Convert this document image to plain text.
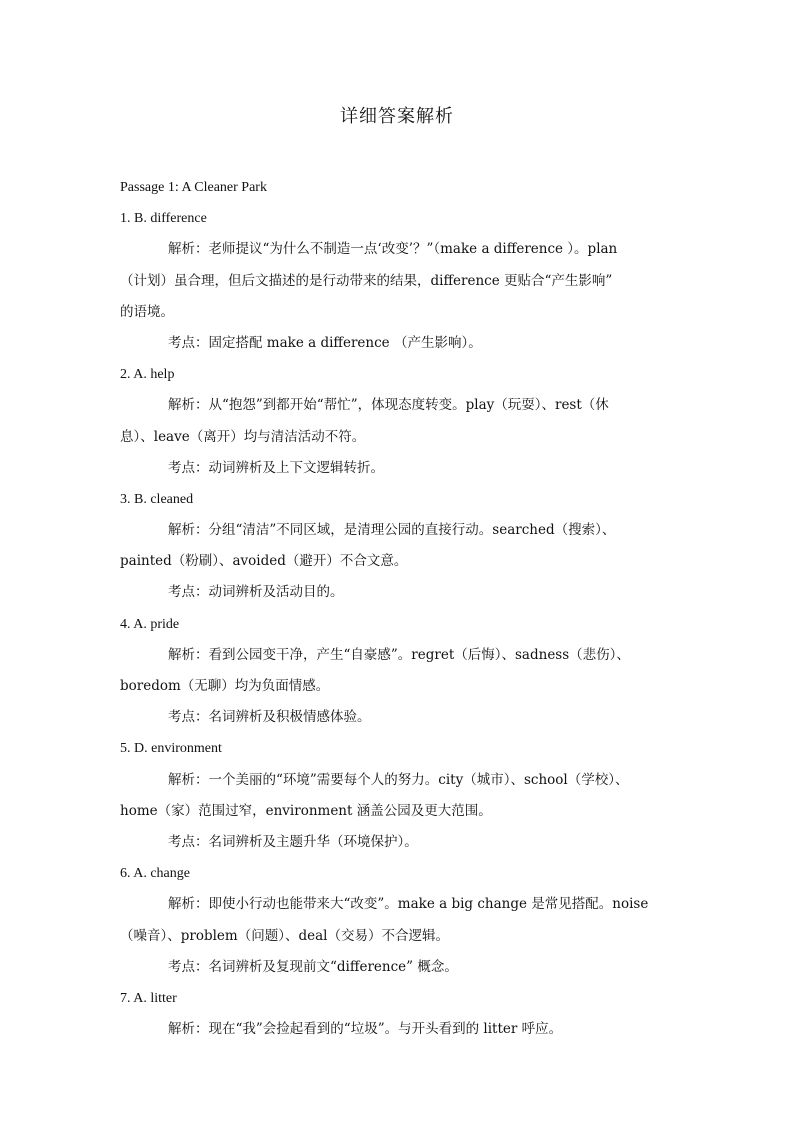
详细答案解析
Passage 1: A Cleaner Park
1. B. difference
解析：老师提议“为什么不制造一点‘改变’？”（make a difference ）。plan
（计划）虽合理，但后文描述的是行动带来的结果，difference 更贴合“产生影响”
的语境。
考点：固定搭配 make a difference （产生影响）。
2. A. help
解析：从“抱怨”到都开始“帮忙”，体现态度转变。play（玩耍）、rest（休
息）、leave（离开）均与清洁活动不符。
考点：动词辨析及上下文逻辑转折。
3. B. cleaned
解析：分组“清洁”不同区域，是清理公园的直接行动。searched（搜索）、
painted（粉刷）、avoided（避开）不合文意。
考点：动词辨析及活动目的。
4. A. pride
解析：看到公园变干净，产生“自豪感”。regret（后悔）、sadness（悲伤）、
boredom（无聊）均为负面情感。
考点：名词辨析及积极情感体验。
5. D. environment
解析：一个美丽的“环境”需要每个人的努力。city（城市）、school（学校）、
home（家）范围过窄，environment 涵盖公园及更大范围。
考点：名词辨析及主题升华（环境保护）。
6. A. change
解析：即使小行动也能带来大“改变”。make a big change 是常见搭配。noise
（噪音）、problem（问题）、deal（交易）不合逻辑。
考点：名词辨析及复现前文“difference” 概念。
7. A. litter
解析：现在“我”会捡起看到的“垃圾”。与开头看到的 litter 呼应。
